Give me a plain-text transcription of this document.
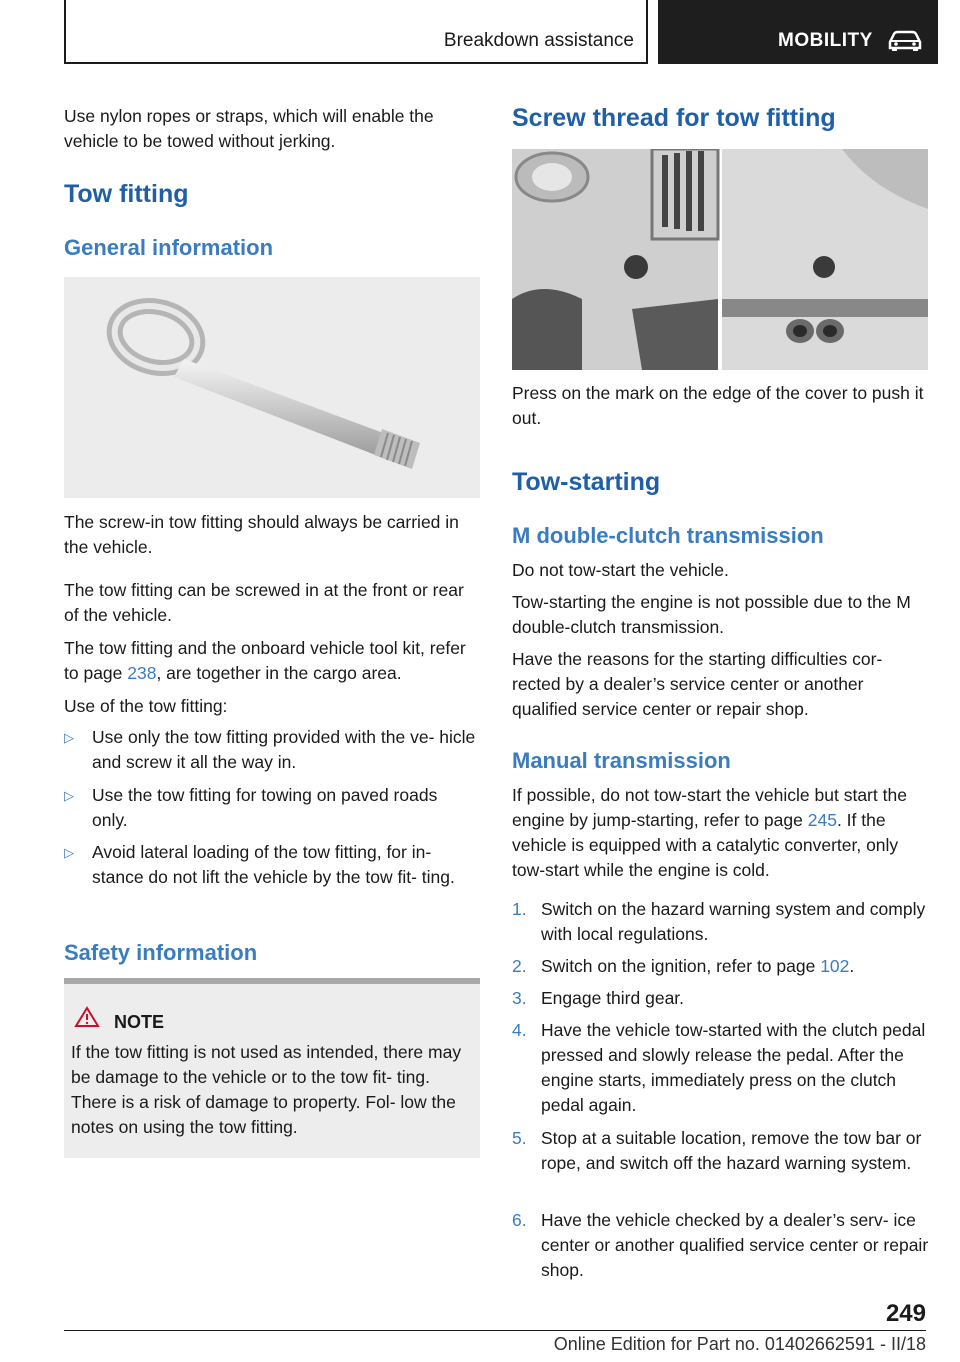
Breakdown assistance	MOBILITY

Use nylon ropes or straps, which will enable the vehicle to be towed without jerking.

Tow fitting
General information

The screw-in tow fitting should always be carried in the vehicle.

The tow fitting can be screwed in at the front or rear of the vehicle.

The tow fitting and the onboard vehicle tool kit, refer to page 238, are together in the cargo area.

Use of the tow fitting:

▷ Use only the tow fitting provided with the ve‐ hicle and screw it all the way in.
▷ Use the tow fitting for towing on paved roads only.
▷ Avoid lateral loading of the tow fitting, for in‐ stance do not lift the vehicle by the tow fit‐ ting.
Safety information
NOTE

If the tow fitting is not used as intended, there may be damage to the vehicle or to the tow fit‐ ting. There is a risk of damage to property. Fol‐ low the notes on using the tow fitting.

Screw thread for tow fitting

Press on the mark on the edge of the cover to push it out.

Tow-starting
M double-clutch transmission

Do not tow-start the vehicle.

Tow-starting the engine is not possible due to the M double-clutch transmission.

Have the reasons for the starting difficulties cor‐ rected by a dealer’s service center or another qualified service center or repair shop.

Manual transmission

If possible, do not tow-start the vehicle but start the engine by jump-starting, refer to page 245. If the vehicle is equipped with a catalytic converter, only tow-start while the engine is cold.

1. Switch on the hazard warning system and comply with local regulations.
2. Switch on the ignition, refer to page 102.
3. Engage third gear.
4. Have the vehicle tow-started with the clutch pedal pressed and slowly release the pedal. After the engine starts, immediately press on the clutch pedal again.
5. Stop at a suitable location, remove the tow bar or rope, and switch off the hazard warning system.
6. Have the vehicle checked by a dealer’s serv‐ ice center or another qualified service center or repair shop.
249
Online Edition for Part no. 01402662591 - II/18
